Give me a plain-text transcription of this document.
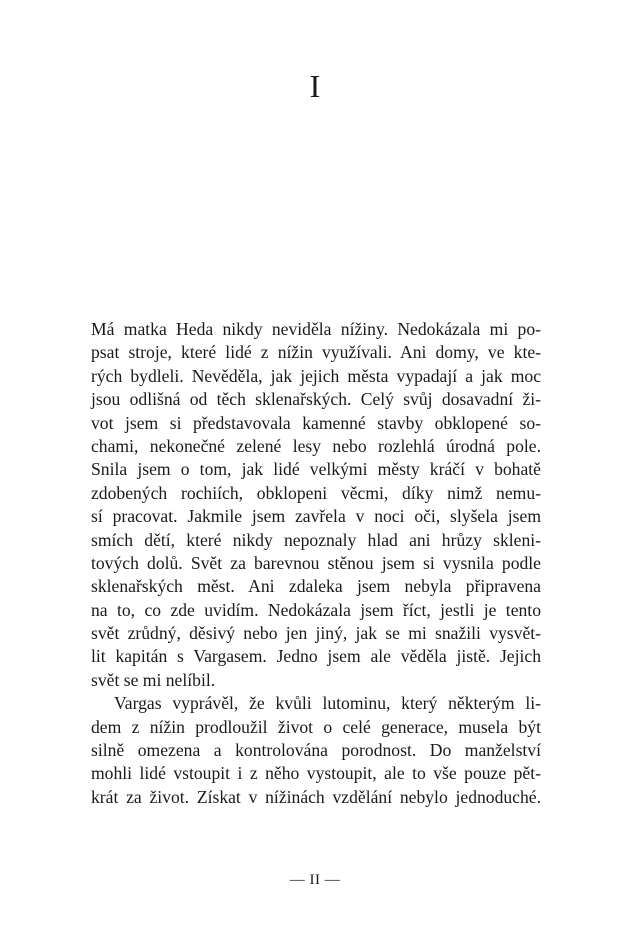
I
Má matka Heda nikdy neviděla nížiny. Nedokázala mi po-
psat stroje, které lidé z nížin využívali. Ani domy, ve kte-
rých bydleli. Nevěděla, jak jejich města vypadají a jak moc
jsou odlišná od těch sklenařských. Celý svůj dosavadní ži-
vot jsem si představovala kamenné stavby obklopené so-
chami, nekonečné zelené lesy nebo rozlehlá úrodná pole.
Snila jsem o tom, jak lidé velkými městy kráčí v bohatě
zdobených rochiích, obklopeni věcmi, díky nimž nemu-
sí pracovat. Jakmile jsem zavřela v noci oči, slyšela jsem
smích dětí, které nikdy nepoznaly hlad ani hrůzy skleni-
tových dolů. Svět za barevnou stěnou jsem si vysnila podle
sklenařských měst. Ani zdaleka jsem nebyla připravena
na to, co zde uvidím. Nedokázala jsem říct, jestli je tento
svět zrůdný, děsivý nebo jen jiný, jak se mi snažili vysvět-
lit kapitán s Vargasem. Jedno jsem ale věděla jistě. Jejich
svět se mi nelíbil.
Vargas vyprávěl, že kvůli lutominu, který některým li-
dem z nížin prodloužil život o celé generace, musela být
silně omezena a kontrolována porodnost. Do manželství
mohli lidé vstoupit i z něho vystoupit, ale to vše pouze pět-
krát za život. Získat v nížinách vzdělání nebylo jednoduché.
— II —
